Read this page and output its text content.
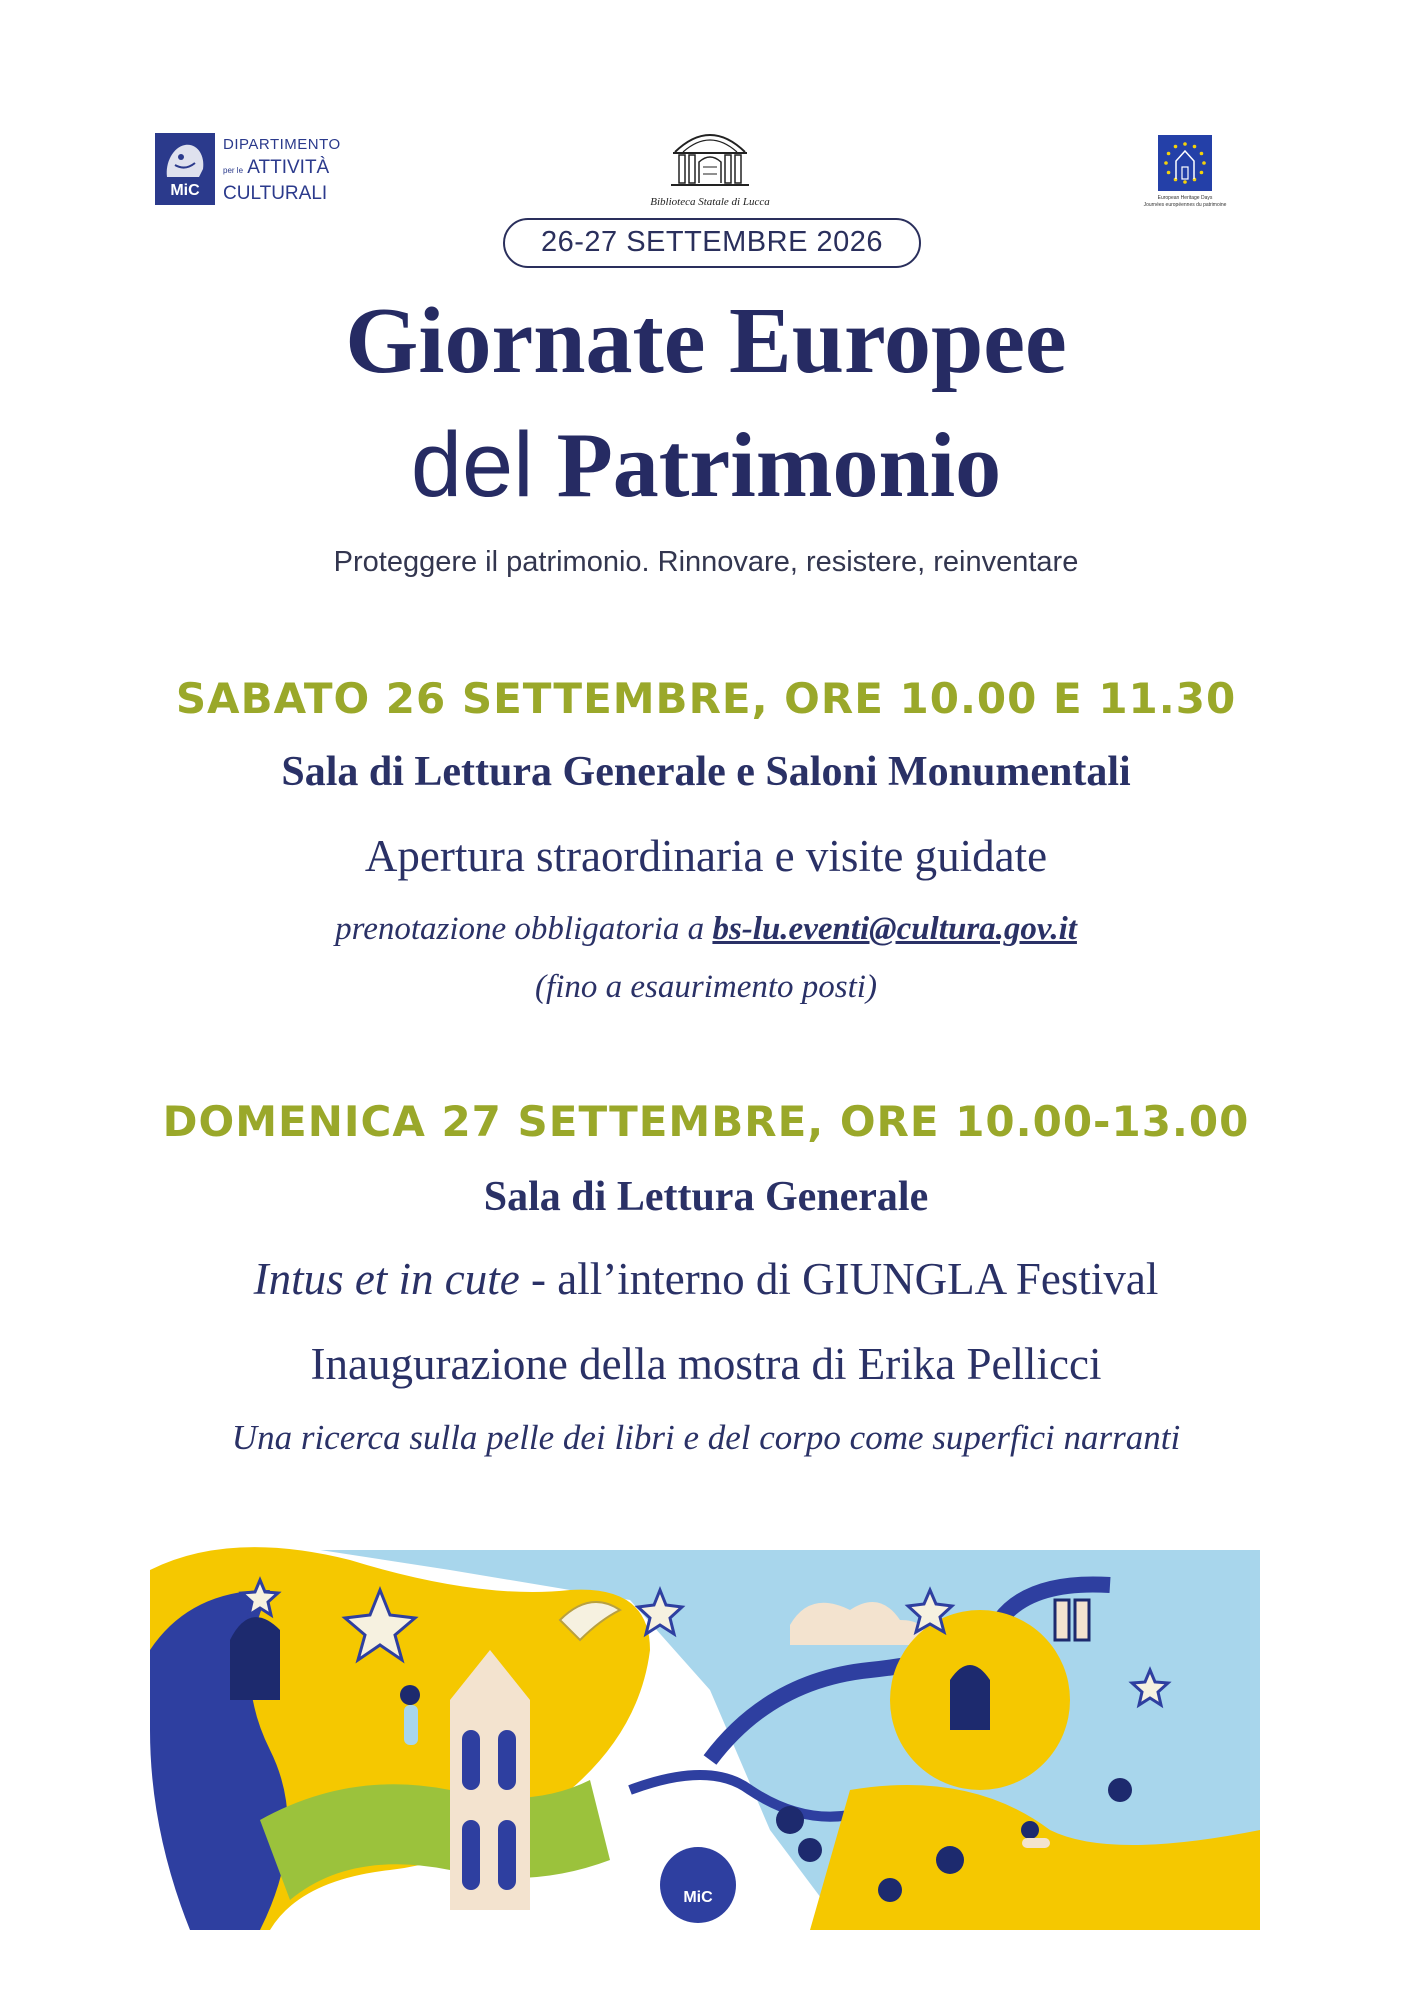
MiC
DIPARTIMENTO
per le ATTIVITÀ
CULTURALI	Biblioteca Statale di Lucca	European Heritage Days
Journées européennes du patrimoine
26-27 SETTEMBRE 2026
Giornate Europee
del Patrimonio
Proteggere il patrimonio. Rinnovare, resistere, reinventare
SABATO 26 SETTEMBRE, ORE 10.00 E 11.30
Sala di Lettura Generale e Saloni Monumentali
Apertura straordinaria e visite guidate
prenotazione obbligatoria a bs-lu.eventi@cultura.gov.it
(fino a esaurimento posti)
DOMENICA 27 SETTEMBRE, ORE 10.00-13.00
Sala di Lettura Generale
Intus et in cute - all’interno di GIUNGLA Festival
Inaugurazione della mostra di Erika Pellicci
Una ricerca sulla pelle dei libri e del corpo come superfici narranti
MiC
